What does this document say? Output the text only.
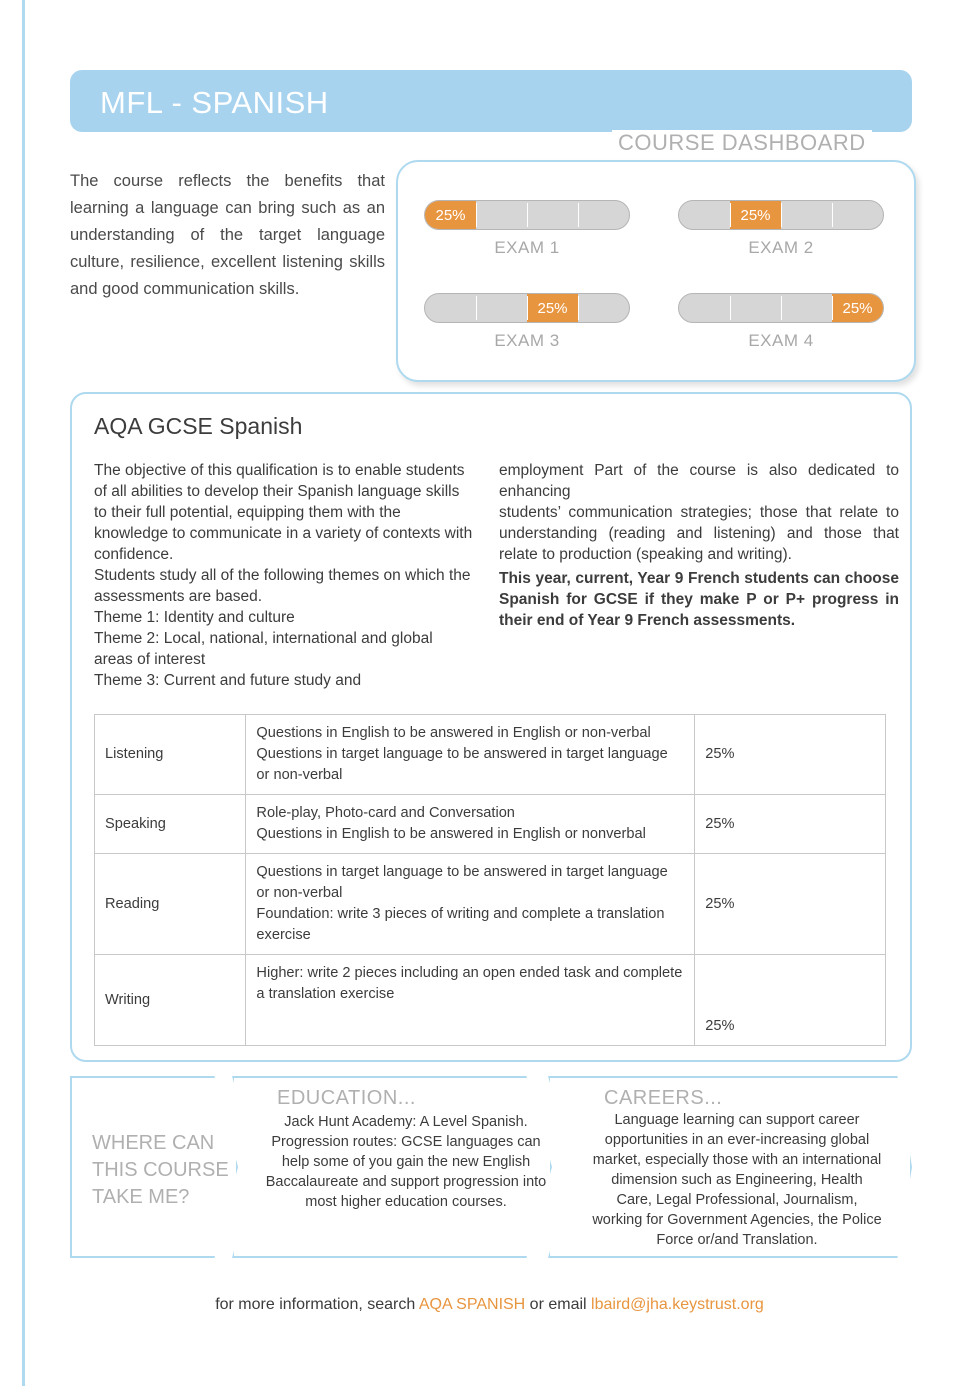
MFL - SPANISH
The course reflects the benefits that learning a language can bring such as an understanding of the target language culture, resilience, excellent listening skills and good communication skills.
COURSE DASHBOARD
25%
EXAM 1
25%
EXAM 2
25%
EXAM 3
25%
EXAM 4
AQA GCSE Spanish
The objective of this qualification is to enable students of all abilities to develop their Spanish language skills to their full potential, equipping them with the knowledge to communicate in a variety of contexts with confidence.
Students study all of the following themes on which the assessments are based.
Theme 1: Identity and culture
Theme 2: Local, national, international and global areas of interest
Theme 3: Current and future study and
employment Part of the course is also dedicated to enhancing
students’ communication strategies; those that relate to understanding (reading and listening) and those that relate to production (speaking and writing).
This year, current, Year 9 French students can choose Spanish for GCSE if they make P or P+ progress in their end of Year 9 French assessments.
Listening	Questions in English to be answered in English or non-verbal
Questions in target language to be answered in target language or non-verbal	25%
Speaking	Role-play, Photo-card and Conversation
Questions in English to be answered in English or nonverbal	25%
Reading	Questions in target language to be answered in target language or non-verbal
Foundation: write 3 pieces of writing and complete a translation exercise	25%
Writing	Higher: write 2 pieces including an open ended task and complete a translation exercise	25%
WHERE CAN THIS COURSE TAKE ME?
EDUCATION...
Jack Hunt Academy: A Level Spanish. Progression routes: GCSE languages can help some of you gain the new English Baccalaureate and support progression into most higher education courses.
CAREERS...
Language learning can support career opportunities in an ever-increasing global market, especially those with an international dimension such as Engineering, Health Care, Legal Professional, Journalism, working for Government Agencies, the Police Force or/and Translation.
for more information, search AQA SPANISH or email lbaird@jha.keystrust.org
